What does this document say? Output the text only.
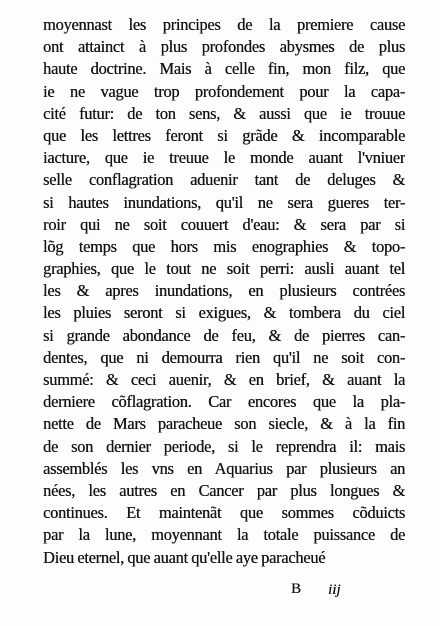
moyennast les principes de la premiere cause
ont attainct à plus profondes abysmes de plus
haute doctrine. Mais à celle fin, mon filz, que
ie ne vague trop profondement pour la capa-
cité futur: de ton sens, & aussi que ie trouue
que les lettres feront si grãde & incomparable
iacture, que ie treuue le monde auant l'vniuer
selle conflagration aduenir tant de deluges &
si hautes inundations, qu'il ne sera gueres ter-
roir qui ne soit couuert d'eau: & sera par si
lõg temps que hors mis enographies & topo-
graphies, que le tout ne soit perri: ausli auant tel
les & apres inundations, en plusieurs contrées
les pluies seront si exigues, & tombera du ciel
si grande abondance de feu, & de pierres can-
dentes, que ni demourra rien qu'il ne soit con-
summé: & ceci auenir, & en brief, & auant la
derniere cõflagration. Car encores que la pla-
nette de Mars paracheue son siecle, & à la fin
de son dernier periode, si le reprendra il: mais
assemblés les vns en Aquarius par plusieurs an
nées, les autres en Cancer par plus longues &
continues. Et maintenãt que sommes cõduicts
par la lune, moyennant la totale puissance de
Dieu eternel, que auant qu'elle aye paracheué
B iij
